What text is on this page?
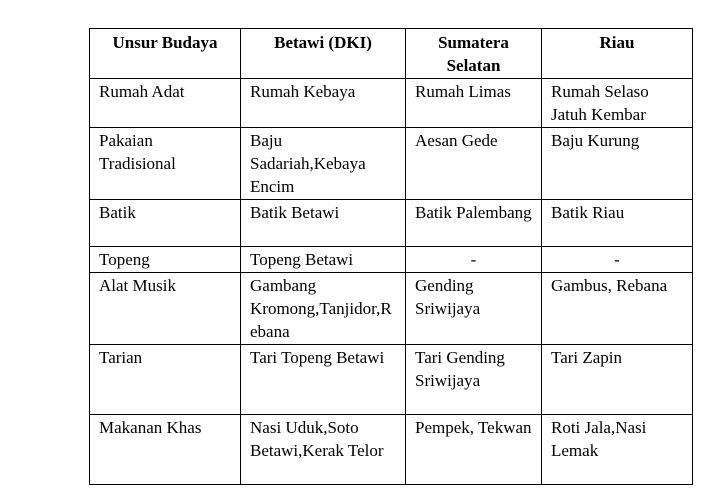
Unsur Budaya	Betawi (DKI)	Sumatera Selatan	Riau
Rumah Adat	Rumah Kebaya	Rumah Limas	Rumah Selaso Jatuh Kembar
Pakaian Tradisional	Baju Sadariah,Kebaya Encim	Aesan Gede	Baju Kurung
Batik	Batik Betawi	Batik Palembang	Batik Riau
Topeng	Topeng Betawi	-	-
Alat Musik	Gambang Kromong,Tanjidor,Rebana	Gending Sriwijaya	Gambus, Rebana
Tarian	Tari Topeng Betawi	Tari Gending Sriwijaya	Tari Zapin
Makanan Khas	Nasi Uduk,Soto Betawi,Kerak Telor	Pempek, Tekwan	Roti Jala,Nasi Lemak
